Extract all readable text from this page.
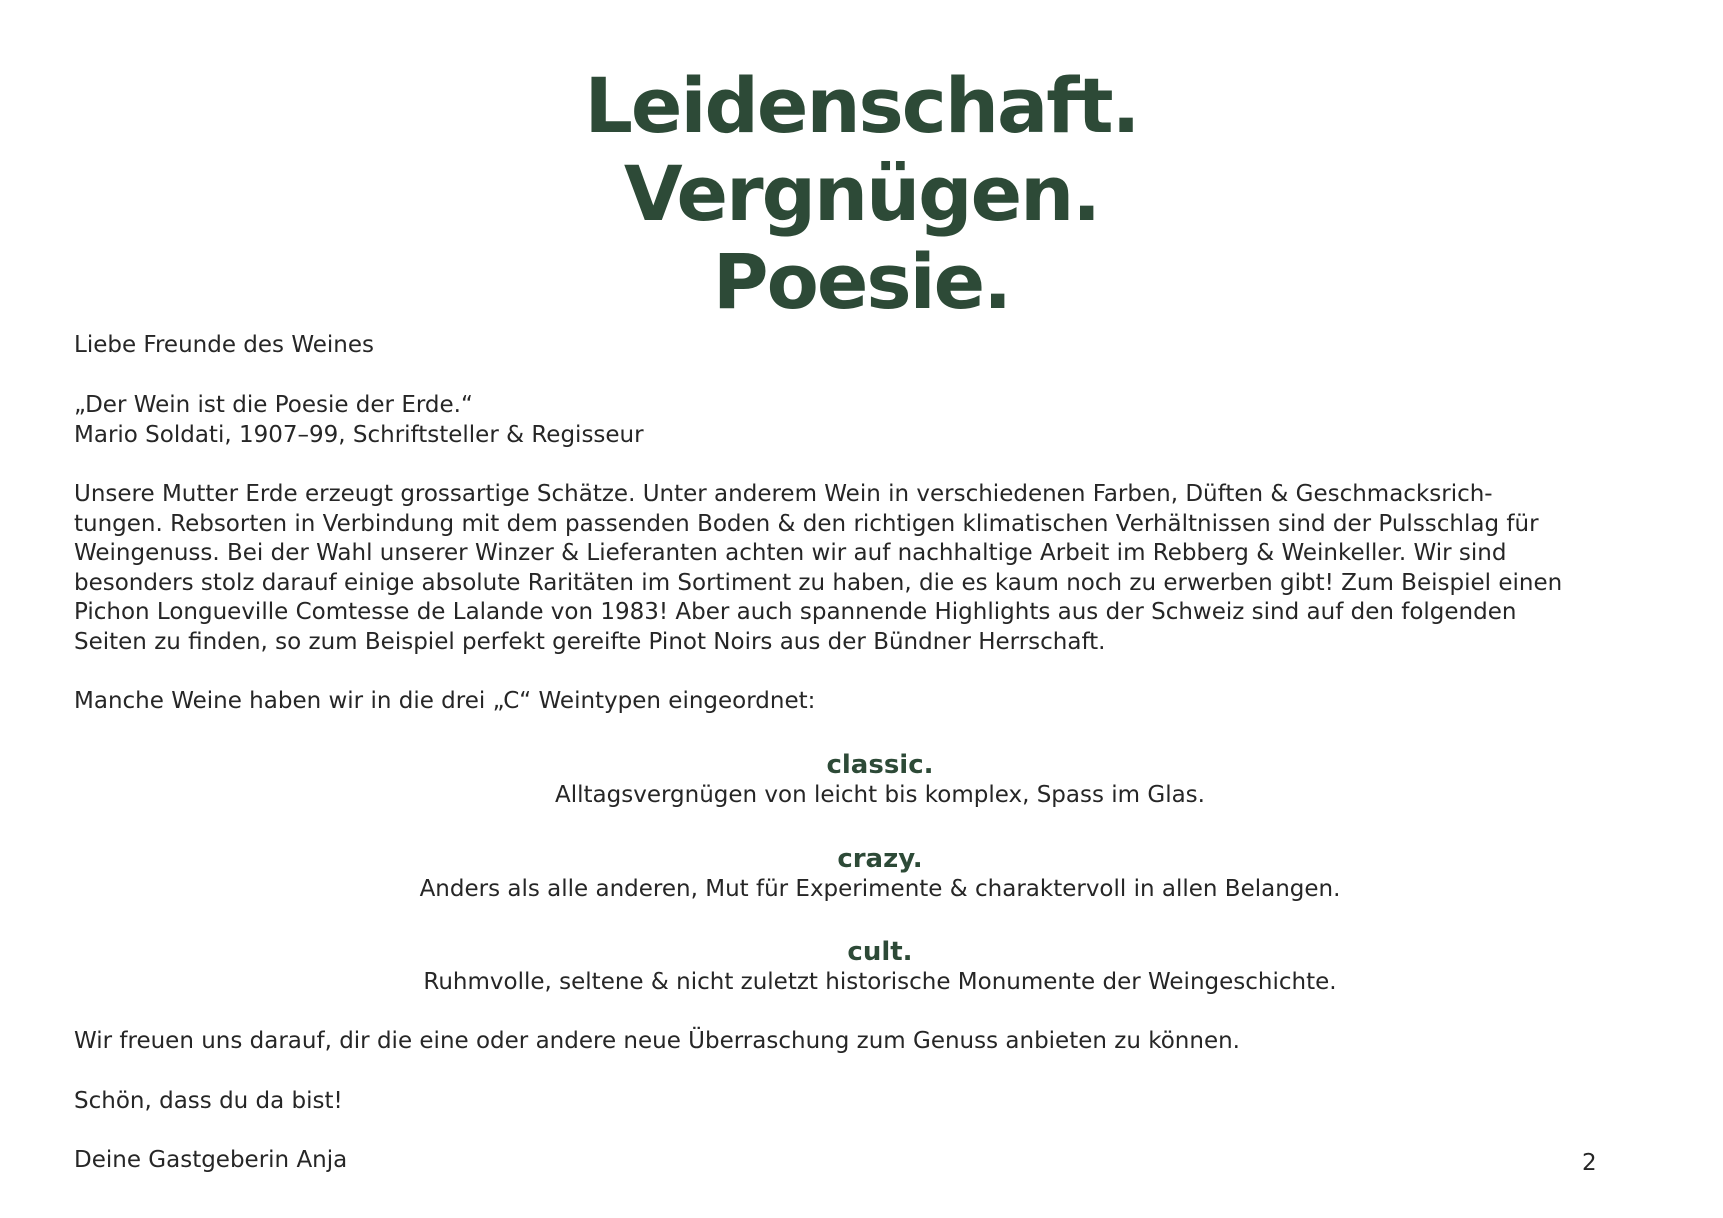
Leidenschaft.
Vergnügen.
Poesie.
Liebe Freunde des Weines
„Der Wein ist die Poesie der Erde.“
Mario Soldati, 1907–99, Schriftsteller & Regisseur
Unsere Mutter Erde erzeugt grossartige Schätze. Unter anderem Wein in verschiedenen Farben, Düften & Geschmacksrich-
tungen. Rebsorten in Verbindung mit dem passenden Boden & den richtigen klimatischen Verhältnissen sind der Pulsschlag für
Weingenuss. Bei der Wahl unserer Winzer & Lieferanten achten wir auf nachhaltige Arbeit im Rebberg & Weinkeller. Wir sind
besonders stolz darauf einige absolute Raritäten im Sortiment zu haben, die es kaum noch zu erwerben gibt! Zum Beispiel einen
Pichon Longueville Comtesse de Lalande von 1983! Aber auch spannende Highlights aus der Schweiz sind auf den folgenden
Seiten zu finden, so zum Beispiel perfekt gereifte Pinot Noirs aus der Bündner Herrschaft.
Manche Weine haben wir in die drei „C“ Weintypen eingeordnet:
classic.
Alltagsvergnügen von leicht bis komplex, Spass im Glas.
crazy.
Anders als alle anderen, Mut für Experimente & charaktervoll in allen Belangen.
cult.
Ruhmvolle, seltene & nicht zuletzt historische Monumente der Weingeschichte.
Wir freuen uns darauf, dir die eine oder andere neue Überraschung zum Genuss anbieten zu können.
Schön, dass du da bist!
Deine Gastgeberin Anja	2
